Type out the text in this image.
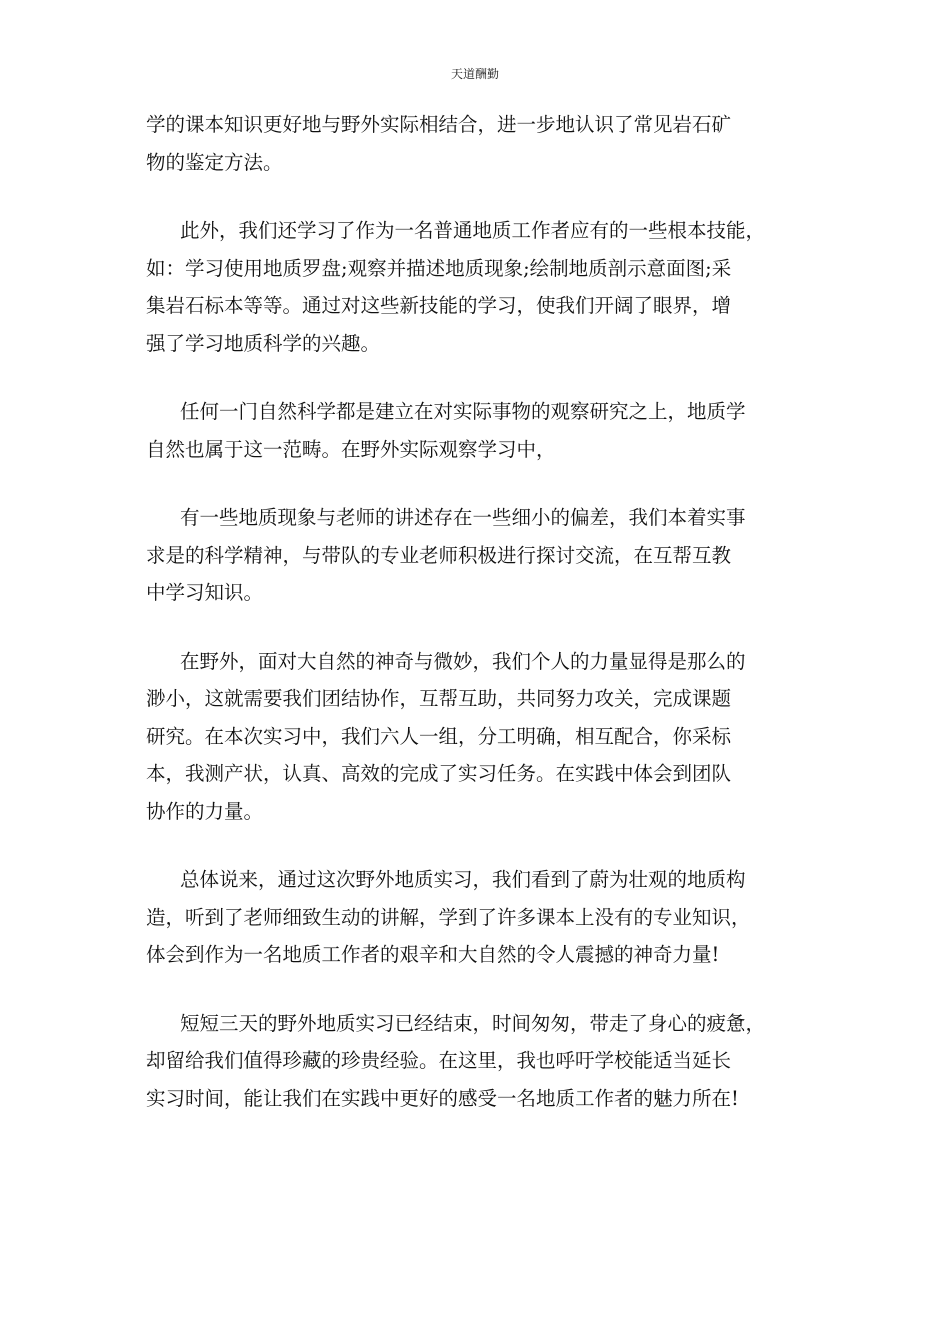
天道酬勤

学的课本知识更好地与野外实际相结合，进一步地认识了常见岩石矿
物的鉴定方法。

此外，我们还学习了作为一名普通地质工作者应有的一些根本技能，
如：学习使用地质罗盘;观察并描述地质现象;绘制地质剖示意面图;采
集岩石标本等等。通过对这些新技能的学习，使我们开阔了眼界，增
强了学习地质科学的兴趣。

任何一门自然科学都是建立在对实际事物的观察研究之上，地质学
自然也属于这一范畴。在野外实际观察学习中，

有一些地质现象与老师的讲述存在一些细小的偏差，我们本着实事
求是的科学精神，与带队的专业老师积极进行探讨交流，在互帮互教
中学习知识。

在野外，面对大自然的神奇与微妙，我们个人的力量显得是那么的
渺小，这就需要我们团结协作，互帮互助，共同努力攻关，完成课题
研究。在本次实习中，我们六人一组，分工明确，相互配合，你采标
本，我测产状，认真、高效的完成了实习任务。在实践中体会到团队
协作的力量。

总体说来，通过这次野外地质实习，我们看到了蔚为壮观的地质构
造，听到了老师细致生动的讲解，学到了许多课本上没有的专业知识，
体会到作为一名地质工作者的艰辛和大自然的令人震撼的神奇力量!

短短三天的野外地质实习已经结束，时间匆匆，带走了身心的疲惫，
却留给我们值得珍藏的珍贵经验。在这里，我也呼吁学校能适当延长
实习时间，能让我们在实践中更好的感受一名地质工作者的魅力所在!
